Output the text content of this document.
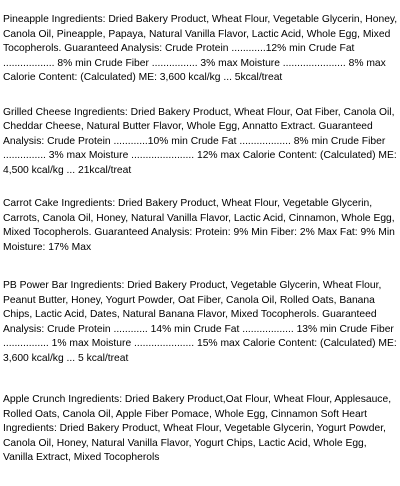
Pineapple Ingredients: Dried Bakery Product, Wheat Flour, Vegetable Glycerin, Honey, Canola Oil, Pineapple, Papaya, Natural Vanilla Flavor, Lactic Acid, Whole Egg, Mixed Tocopherols. Guaranteed Analysis: Crude Protein ............12% min Crude Fat .................. 8% min Crude Fiber ................ 3% max Moisture ...................... 8% max Calorie Content: (Calculated) ME: 3,600 kcal/kg ... 5kcal/treat

Grilled Cheese Ingredients: Dried Bakery Product, Wheat Flour, Oat Fiber, Canola Oil, Cheddar Cheese, Natural Butter Flavor, Whole Egg, Annatto Extract. Guaranteed Analysis: Crude Protein ............10% min Crude Fat .................. 8% min Crude Fiber ............... 3% max Moisture ...................... 12% max Calorie Content: (Calculated) ME: 4,500 kcal/kg ... 21kcal/treat

Carrot Cake Ingredients: Dried Bakery Product, Wheat Flour, Vegetable Glycerin, Carrots, Canola Oil, Honey, Natural Vanilla Flavor, Lactic Acid, Cinnamon, Whole Egg, Mixed Tocopherols. Guaranteed Analysis: Protein: 9% Min Fiber: 2% Max Fat: 9% Min Moisture: 17% Max

PB Power Bar Ingredients: Dried Bakery Product, Vegetable Glycerin, Wheat Flour, Peanut Butter, Honey, Yogurt Powder, Oat Fiber, Canola Oil, Rolled Oats, Banana Chips, Lactic Acid, Dates, Natural Banana Flavor, Mixed Tocopherols. Guaranteed Analysis: Crude Protein ............ 14% min Crude Fat .................. 13% min Crude Fiber ................ 1% max Moisture ..................... 15% max Calorie Content: (Calculated) ME: 3,600 kcal/kg ... 5 kcal/treat

Apple Crunch Ingredients: Dried Bakery Product,Oat Flour, Wheat Flour, Applesauce, Rolled Oats, Canola Oil, Apple Fiber Pomace, Whole Egg, Cinnamon Soft Heart Ingredients: Dried Bakery Product, Wheat Flour, Vegetable Glycerin, Yogurt Powder, Canola Oil, Honey, Natural Vanilla Flavor, Yogurt Chips, Lactic Acid, Whole Egg, Vanilla Extract, Mixed Tocopherols
